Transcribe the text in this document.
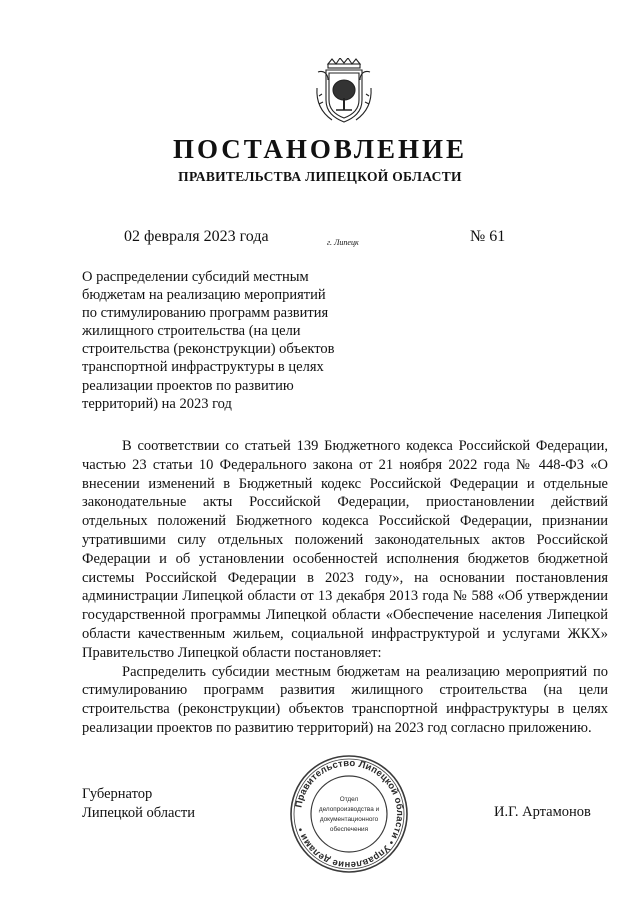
ПОСТАНОВЛЕНИЕ
ПРАВИТЕЛЬСТВА ЛИПЕЦКОЙ ОБЛАСТИ
02 февраля 2023 года	г. Липецк	№ 61
О распределении субсидий местным
бюджетам на реализацию мероприятий
по стимулированию программ развития
жилищного строительства (на цели
строительства (реконструкции) объектов
транспортной инфраструктуры в целях
реализации проектов по развитию
территорий) на 2023 год

В соответствии со статьей 139 Бюджетного кодекса Российской Федерации, частью 23 статьи 10 Федерального закона от 21 ноября 2022 года № 448-ФЗ «О внесении изменений в Бюджетный кодекс Российской Федерации и отдельные законодательные акты Российской Федерации, приостановлении действий отдельных положений Бюджетного кодекса Российской Федерации, признании утратившими силу отдельных положений законодательных актов Российской Федерации и об установлении особенностей исполнения бюджетов бюджетной системы Российской Федерации в 2023 году», на основании постановления администрации Липецкой области от 13 декабря 2013 года № 588 «Об утверждении государственной программы Липецкой области «Обеспечение населения Липецкой области качественным жильем, социальной инфраструктурой и услугами ЖКХ» Правительство Липецкой области постановляет:

Распределить субсидии местным бюджетам на реализацию мероприятий по стимулированию программ развития жилищного строительства (на цели строительства (реконструкции) объектов транспортной инфраструктуры в целях реализации проектов по развитию территорий) на 2023 год согласно приложению.

Губернатор
Липецкой области
Правительство Липецкой области • Управление делами •
Отдел
делопроизводства и
документационного
обеспечения
И.Г. Артамонов
